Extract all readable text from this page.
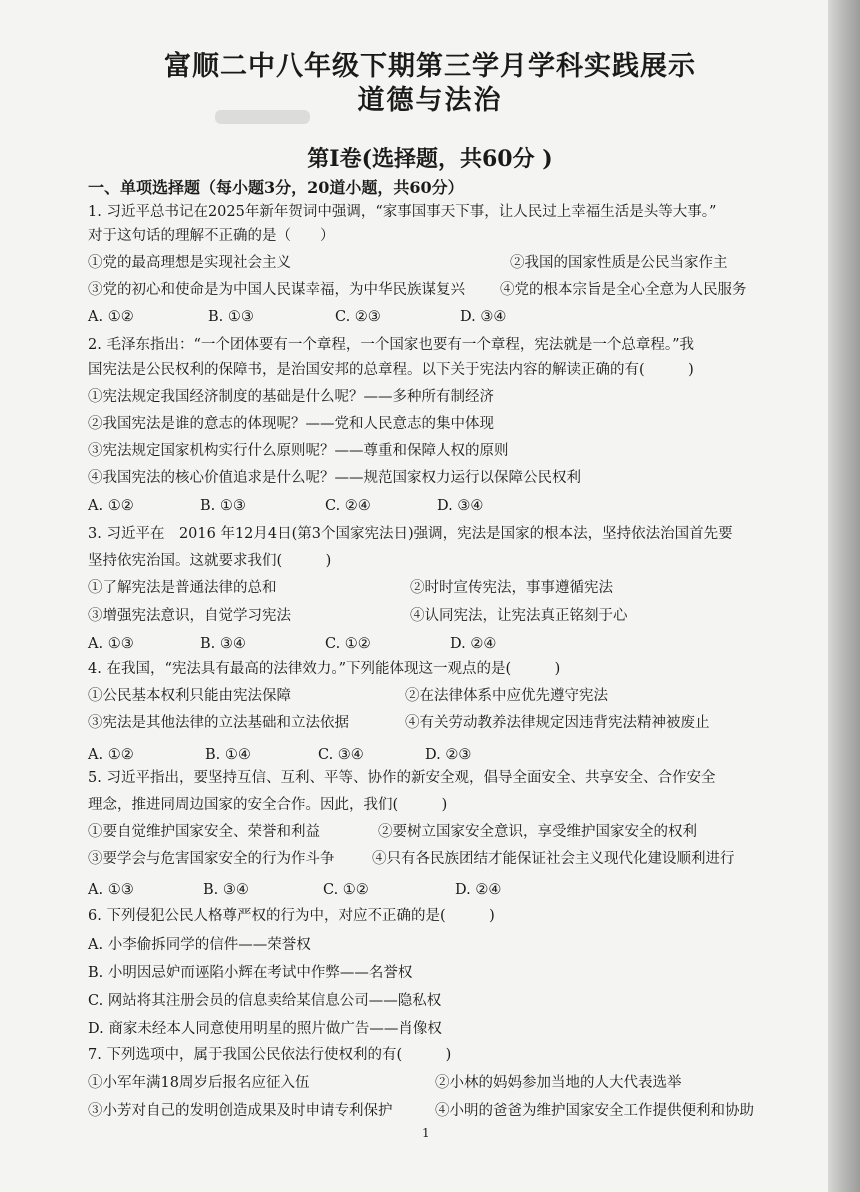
富顺二中八年级下期第三学月学科实践展示
道德与法治
第I卷(选择题，共60分 )
一、单项选择题（每小题3分，20道小题，共60分）
1. 习近平总书记在2025年新年贺词中强调，“家事国事天下事，让人民过上幸福生活是头等大事。”
对于这句话的理解不正确的是（　　）
①党的最高理想是实现社会主义	②我国的国家性质是公民当家作主
③党的初心和使命是为中国人民谋幸福，为中华民族谋复兴 ④党的根本宗旨是全心全意为人民服务
A. ①②	B. ①③	C. ②③	D. ③④
2. 毛泽东指出：“一个团体要有一个章程，一个国家也要有一个章程，宪法就是一个总章程。”我
国宪法是公民权利的保障书，是治国安邦的总章程。以下关于宪法内容的解读正确的有(　　　)
①宪法规定我国经济制度的基础是什么呢？——多种所有制经济
②我国宪法是谁的意志的体现呢？——党和人民意志的集中体现
③宪法规定国家机构实行什么原则呢？——尊重和保障人权的原则
④我国宪法的核心价值追求是什么呢？——规范国家权力运行以保障公民权利
A. ①②	B. ①③	C. ②④	D. ③④
3. 习近平在　2016 年12月4日(第3个国家宪法日)强调，宪法是国家的根本法，坚持依法治国首先要
坚持依宪治国。这就要求我们(　　　)
①了解宪法是普通法律的总和	②时时宣传宪法，事事遵循宪法
③增强宪法意识，自觉学习宪法	④认同宪法，让宪法真正铭刻于心
A. ①③	B. ③④	C. ①②	D. ②④
4. 在我国，“宪法具有最高的法律效力。”下列能体现这一观点的是(　　　)
①公民基本权利只能由宪法保障	②在法律体系中应优先遵守宪法
③宪法是其他法律的立法基础和立法依据	④有关劳动教养法律规定因违背宪法精神被废止
A. ①②	B. ①④	C. ③④	D. ②③
5. 习近平指出，要坚持互信、互利、平等、协作的新安全观，倡导全面安全、共享安全、合作安全
理念，推进同周边国家的安全合作。因此，我们(　　　)
①要自觉维护国家安全、荣誉和利益	②要树立国家安全意识，享受维护国家安全的权利
③要学会与危害国家安全的行为作斗争	④只有各民族团结才能保证社会主义现代化建设顺利进行
A. ①③	B. ③④	C. ①②	D. ②④
6. 下列侵犯公民人格尊严权的行为中，对应不正确的是(　　　)
A. 小李偷拆同学的信件——荣誉权
B. 小明因忌妒而诬陷小辉在考试中作弊——名誉权
C. 网站将其注册会员的信息卖给某信息公司——隐私权
D. 商家未经本人同意使用明星的照片做广告——肖像权
7. 下列选项中，属于我国公民依法行使权利的有(　　　)
①小军年满18周岁后报名应征入伍	②小林的妈妈参加当地的人大代表选举
③小芳对自己的发明创造成果及时申请专利保护	④小明的爸爸为维护国家安全工作提供便利和协助
1
